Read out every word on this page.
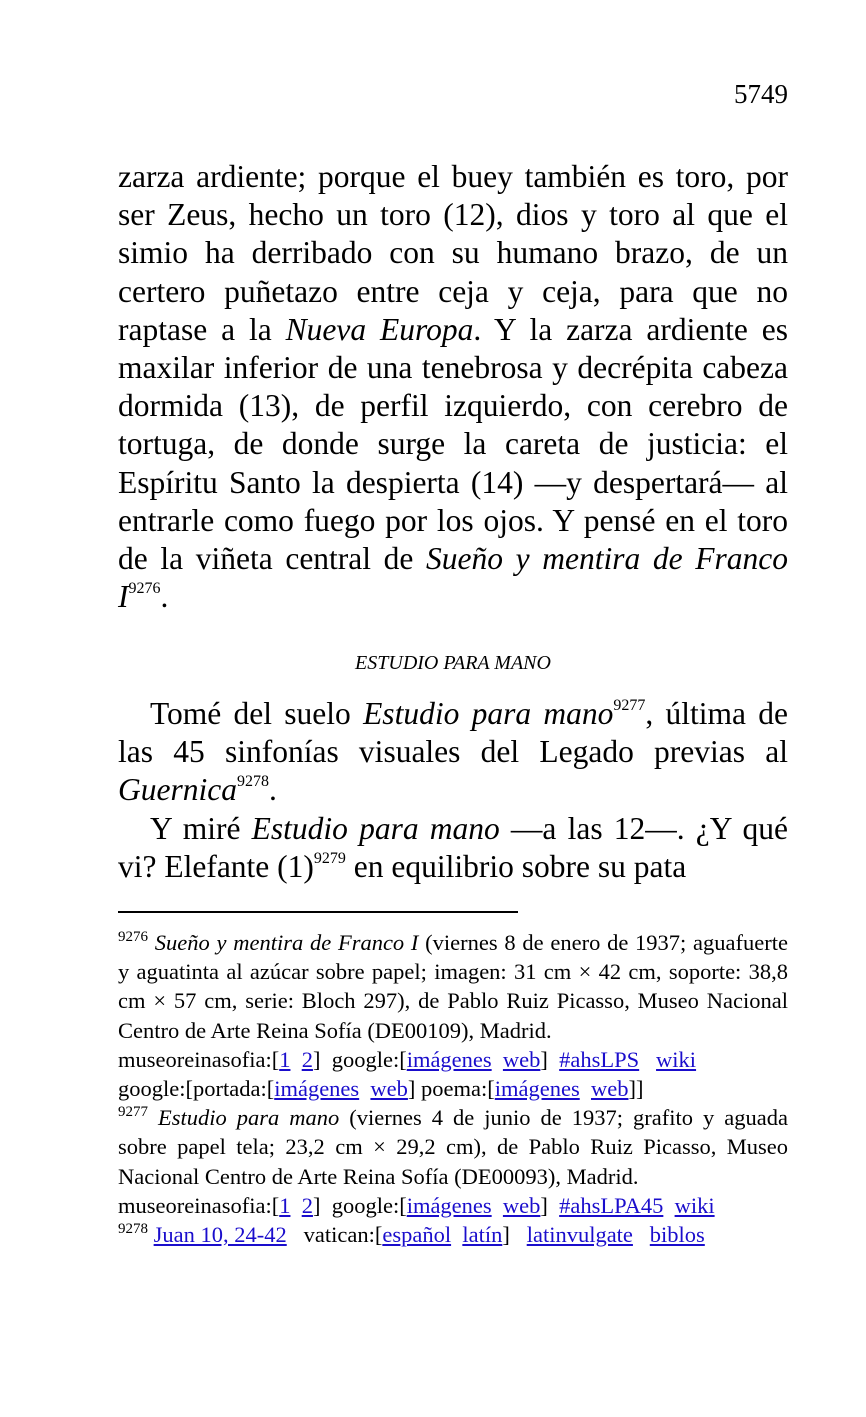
5749

zarza ardiente; porque el buey también es toro, por ser Zeus, hecho un toro (12), dios y toro al que el simio ha derribado con su humano brazo, de un certero puñetazo entre ceja y ceja, para que no raptase a la Nueva Europa. Y la zarza ardiente es maxilar inferior de una tenebrosa y decrépita cabeza dormida (13), de perfil izquierdo, con cerebro de tortuga, de donde surge la careta de justicia: el Espíritu Santo la despierta (14) —y despertará— al entrarle como fuego por los ojos. Y pensé en el toro de la viñeta central de Sueño y mentira de Franco I$^{9276}$.

ESTUDIO PARA MANO

Tomé del suelo Estudio para mano$^{9277}$, última de las 45 sinfonías visuales del Legado previas al Guernica$^{9278}$.

Y miré Estudio para mano —a las 12—. ¿Y qué vi? Elefante (1)$^{9279}$ en equilibrio sobre su pata

$^{9276}$ Sueño y mentira de Franco I (viernes 8 de enero de 1937; aguafuerte y aguatinta al azúcar sobre papel; imagen: 31 cm × 42 cm, soporte: 38,8 cm × 57 cm, serie: Bloch 297), de Pablo Ruiz Picasso, Museo Nacional Centro de Arte Reina Sofía (DE00109), Madrid.
museoreinasofia:[1 2] google:[imágenes web] #ahsLPS wiki
google:[portada:[imágenes web] poema:[imágenes web]]
$^{9277}$ Estudio para mano (viernes 4 de junio de 1937; grafito y aguada sobre papel tela; 23,2 cm × 29,2 cm), de Pablo Ruiz Picasso, Museo Nacional Centro de Arte Reina Sofía (DE00093), Madrid.
museoreinasofia:[1 2] google:[imágenes web] #ahsLPA45 wiki
$^{9278}$ Juan 10, 24-42 vatican:[español latín] latinvulgate biblos
